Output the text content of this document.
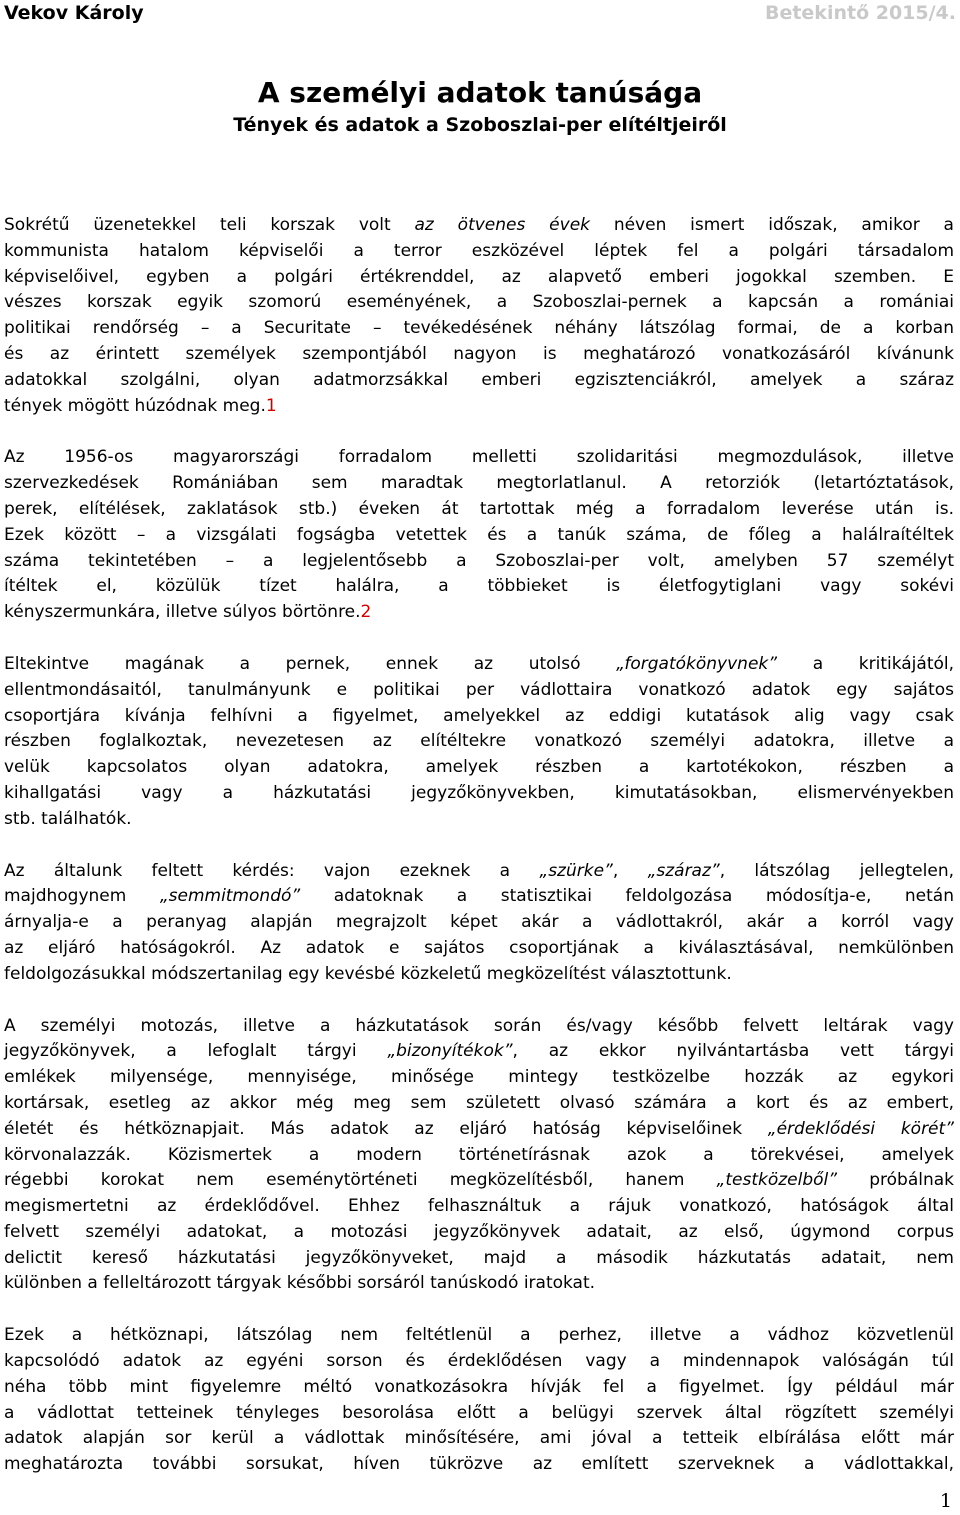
Vekov Károly	Betekintő 2015/4.
A személyi adatok tanúsága
Tények és adatok a Szoboszlai-per elítéltjeiről

Sokrétű üzenetekkel teli korszak volt az ötvenes évek néven ismert időszak, amikor a
kommunista hatalom képviselői a terror eszközével léptek fel a polgári társadalom
képviselőivel, egyben a polgári értékrenddel, az alapvető emberi jogokkal szemben. E
vészes korszak egyik szomorú eseményének, a Szoboszlai-pernek a kapcsán a romániai
politikai rendőrség – a Securitate – tevékedésének néhány látszólag formai, de a korban
és az érintett személyek szempontjából nagyon is meghatározó vonatkozásáról kívánunk
adatokkal szolgálni, olyan adatmorzsákkal emberi egzisztenciákról, amelyek a száraz
tények mögött húzódnak meg.1

Az 1956-os magyarországi forradalom melletti szolidaritási megmozdulások, illetve
szervezkedések Romániában sem maradtak megtorlatlanul. A retorziók (letartóztatások,
perek, elítélések, zaklatások stb.) éveken át tartottak még a forradalom leverése után is.
Ezek között – a vizsgálati fogságba vetettek és a tanúk száma, de főleg a halálraítéltek
száma tekintetében – a legjelentősebb a Szoboszlai-per volt, amelyben 57 személyt
ítéltek el, közülük tízet halálra, a többieket is életfogytiglani vagy sokévi
kényszermunkára, illetve súlyos börtönre.2

Eltekintve magának a pernek, ennek az utolsó „forgatókönyvnek” a kritikájától,
ellentmondásaitól, tanulmányunk e politikai per vádlottaira vonatkozó adatok egy sajátos
csoportjára kívánja felhívni a figyelmet, amelyekkel az eddigi kutatások alig vagy csak
részben foglalkoztak, nevezetesen az elítéltekre vonatkozó személyi adatokra, illetve a
velük kapcsolatos olyan adatokra, amelyek részben a kartotékokon, részben a
kihallgatási vagy a házkutatási jegyzőkönyvekben, kimutatásokban, elismervényekben
stb. találhatók.

Az általunk feltett kérdés: vajon ezeknek a „szürke”, „száraz”, látszólag jellegtelen,
majdhogynem „semmitmondó” adatoknak a statisztikai feldolgozása módosítja-e, netán
árnyalja-e a peranyag alapján megrajzolt képet akár a vádlottakról, akár a korról vagy
az eljáró hatóságokról. Az adatok e sajátos csoportjának a kiválasztásával, nemkülönben
feldolgozásukkal módszertanilag egy kevésbé közkeletű megközelítést választottunk.

A személyi motozás, illetve a házkutatások során és/vagy később felvett leltárak vagy
jegyzőkönyvek, a lefoglalt tárgyi „bizonyítékok”, az ekkor nyilvántartásba vett tárgyi
emlékek milyensége, mennyisége, minősége mintegy testközelbe hozzák az egykori
kortársak, esetleg az akkor még meg sem született olvasó számára a kort és az embert,
életét és hétköznapjait. Más adatok az eljáró hatóság képviselőinek „érdeklődési körét”
körvonalazzák. Közismertek a modern történetírásnak azok a törekvései, amelyek
régebbi korokat nem eseménytörténeti megközelítésből, hanem „testközelből” próbálnak
megismertetni az érdeklődővel. Ehhez felhasználtuk a rájuk vonatkozó, hatóságok által
felvett személyi adatokat, a motozási jegyzőkönyvek adatait, az első, úgymond corpus
delictit kereső házkutatási jegyzőkönyveket, majd a második házkutatás adatait, nem
különben a felleltározott tárgyak későbbi sorsáról tanúskodó iratokat.

Ezek a hétköznapi, látszólag nem feltétlenül a perhez, illetve a vádhoz közvetlenül
kapcsolódó adatok az egyéni sorson és érdeklődésen vagy a mindennapok valóságán túl
néha több mint figyelemre méltó vonatkozásokra hívják fel a figyelmet. Így például már
a vádlottat tetteinek tényleges besorolása előtt a belügyi szervek által rögzített személyi
adatok alapján sor kerül a vádlottak minősítésére, ami jóval a tetteik elbírálása előtt már
meghatározta további sorsukat, híven tükrözve az említett szerveknek a vádlottakkal,

1
